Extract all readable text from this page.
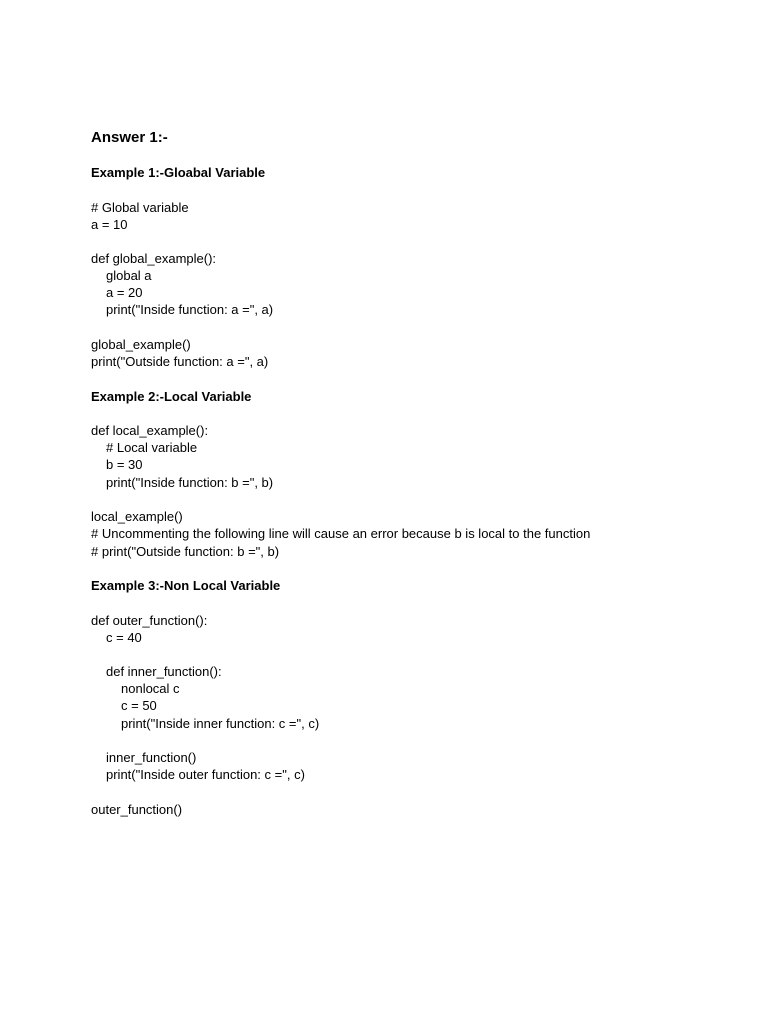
Answer 1:-
Example 1:-Gloabal Variable
# Global variable
a = 10
def global_example():
global a
a = 20
print("Inside function: a =", a)
global_example()
print("Outside function: a =", a)
Example 2:-Local Variable
def local_example():
# Local variable
b = 30
print("Inside function: b =", b)
local_example()
# Uncommenting the following line will cause an error because b is local to the function
# print("Outside function: b =", b)
Example 3:-Non Local Variable
def outer_function():
c = 40
def inner_function():
nonlocal c
c = 50
print("Inside inner function: c =", c)
inner_function()
print("Inside outer function: c =", c)
outer_function()
